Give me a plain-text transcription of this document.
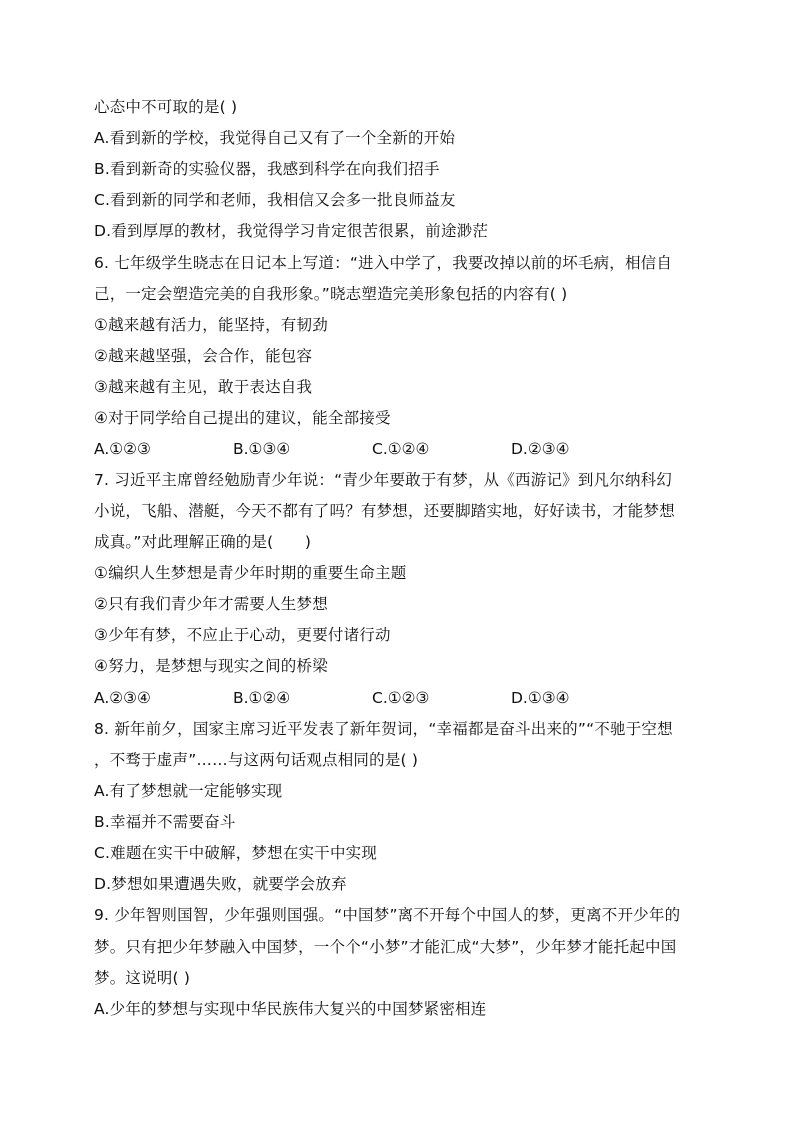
心态中不可取的是( )
A.看到新的学校，我觉得自己又有了一个全新的开始
B.看到新奇的实验仪器，我感到科学在向我们招手
C.看到新的同学和老师，我相信又会多一批良师益友
D.看到厚厚的教材，我觉得学习肯定很苦很累，前途渺茫
6. 七年级学生晓志在日记本上写道：“进入中学了，我要改掉以前的坏毛病，相信自
己，一定会塑造完美的自我形象。”晓志塑造完美形象包括的内容有( )
①越来越有活力，能坚持，有韧劲
②越来越坚强，会合作，能包容
③越来越有主见，敢于表达自我
④对于同学给自己提出的建议，能全部接受
A.①②③	B.①③④	C.①②④	D.②③④
7. 习近平主席曾经勉励青少年说：“青少年要敢于有梦，从《西游记》到凡尔纳科幻
小说，飞船、潜艇，今天不都有了吗？有梦想，还要脚踏实地，好好读书，才能梦想
成真。”对此理解正确的是(　　)
①编织人生梦想是青少年时期的重要生命主题
②只有我们青少年才需要人生梦想
③少年有梦，不应止于心动，更要付诸行动
④努力，是梦想与现实之间的桥梁
A.②③④	B.①②④	C.①②③	D.①③④
8. 新年前夕，国家主席习近平发表了新年贺词，“幸福都是奋斗出来的”“不驰于空想
，不骛于虚声”……与这两句话观点相同的是( )
A.有了梦想就一定能够实现
B.幸福并不需要奋斗
C.难题在实干中破解，梦想在实干中实现
D.梦想如果遭遇失败，就要学会放弃
9. 少年智则国智，少年强则国强。“中国梦”离不开每个中国人的梦，更离不开少年的
梦。只有把少年梦融入中国梦，一个个“小梦”才能汇成“大梦”，少年梦才能托起中国
梦。这说明( )
A.少年的梦想与实现中华民族伟大复兴的中国梦紧密相连
